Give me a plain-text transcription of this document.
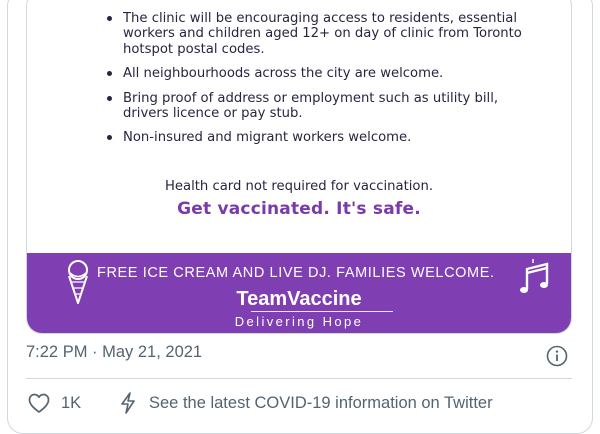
The clinic will be encouraging access to residents, essential workers and children aged 12+ on day of clinic from Toronto hotspot postal codes.
All neighbourhoods across the city are welcome.
Bring proof of address or employment such as utility bill, drivers licence or pay stub.
Non-insured and migrant workers welcome.
Health card not required for vaccination.
Get vaccinated. It's safe.
FREE ICE CREAM AND LIVE DJ. FAMILIES WELCOME.
TeamVaccine
Delivering Hope
7:22 PM · May 21, 2021
1K	See the latest COVID-19 information on Twitter
